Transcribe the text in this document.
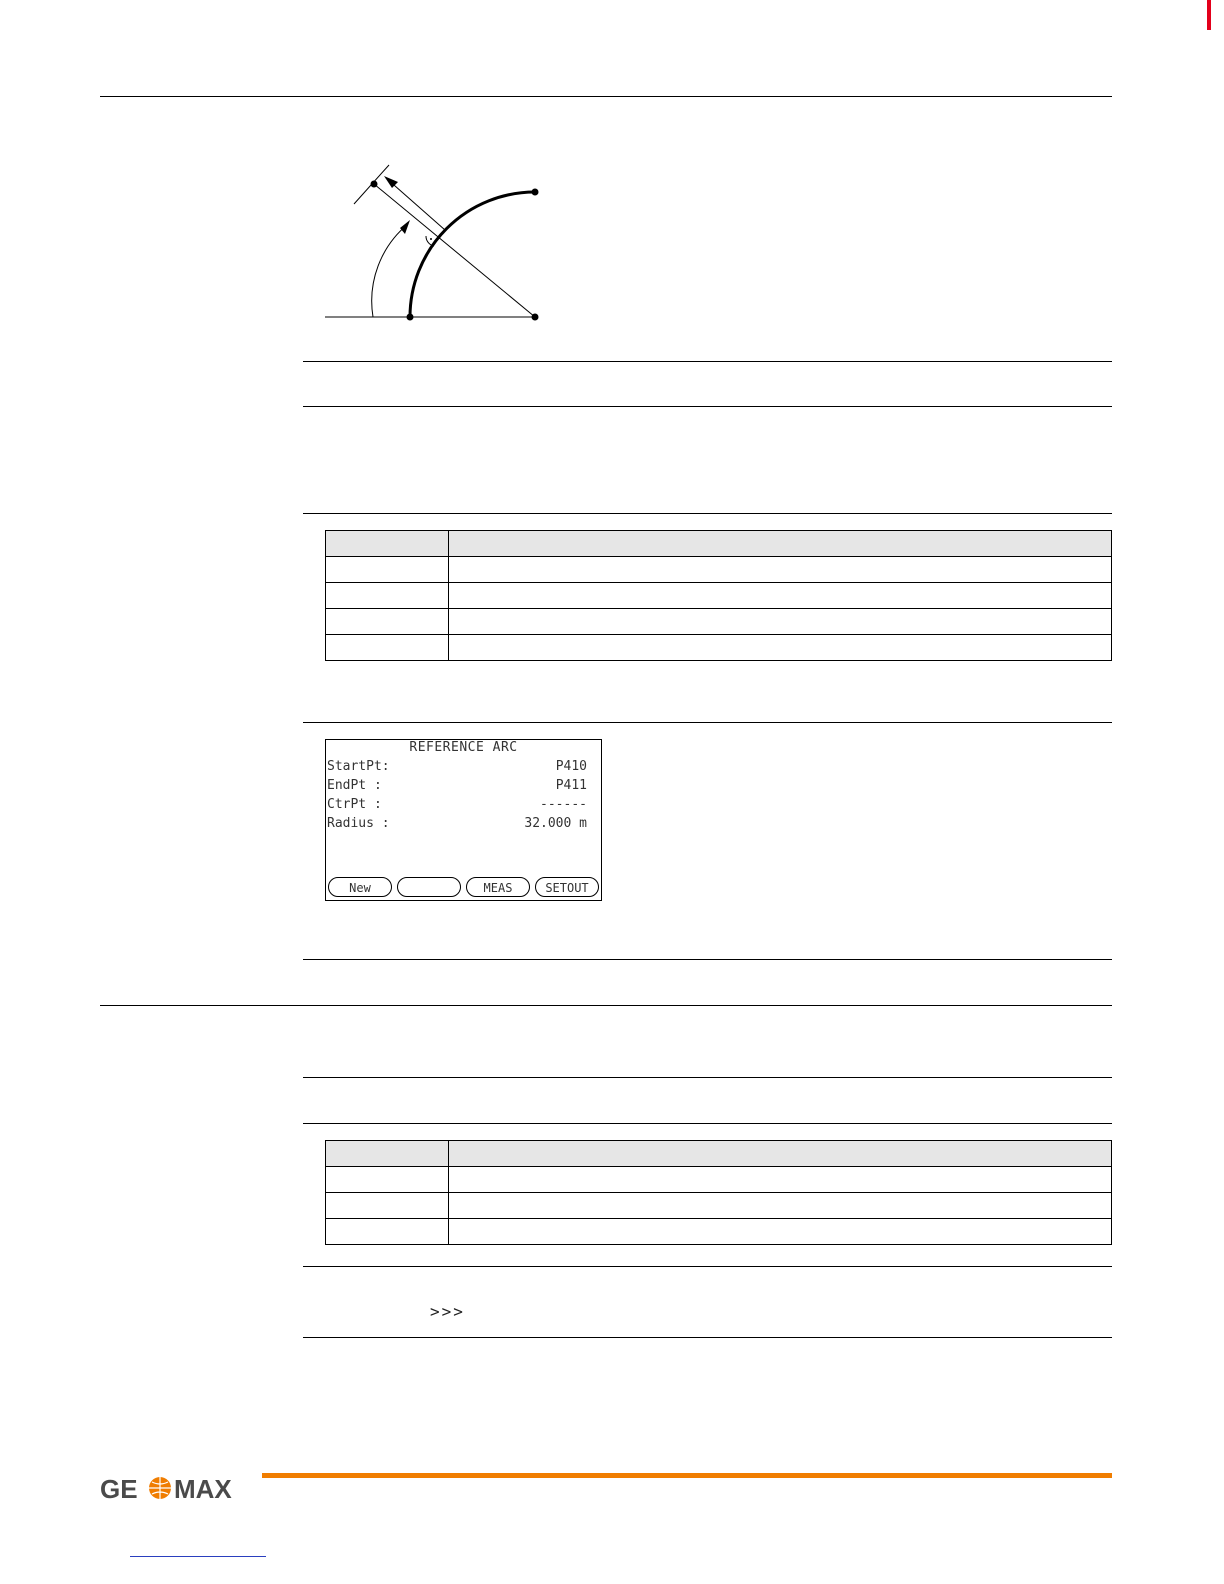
REFERENCE ARC
StartPt:	P410
EndPt :	P411
CtrPt :	------
Radius :	32.000 m
New	MEAS	SETOUT

>>>
GE MAX
